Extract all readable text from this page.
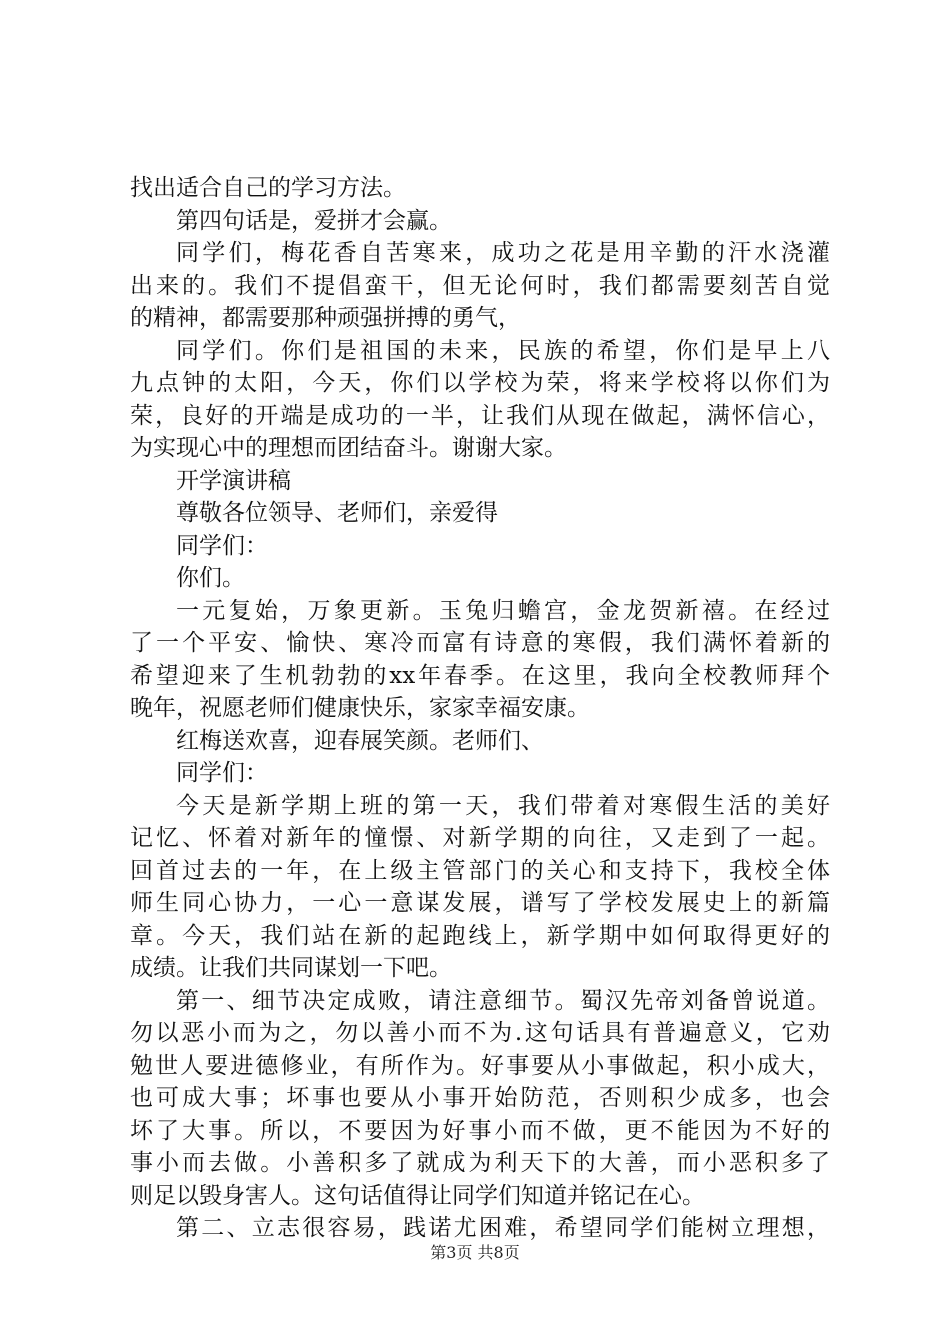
找出适合自己的学习方法。
第四句话是，爱拼才会赢。
同学们，梅花香自苦寒来，成功之花是用辛勤的汗水浇灌
出来的。我们不提倡蛮干，但无论何时，我们都需要刻苦自觉
的精神，都需要那种顽强拼搏的勇气，
同学们。你们是祖国的未来，民族的希望，你们是早上八
九点钟的太阳，今天，你们以学校为荣，将来学校将以你们为
荣，良好的开端是成功的一半，让我们从现在做起，满怀信心，
为实现心中的理想而团结奋斗。谢谢大家。
开学演讲稿
尊敬各位领导、老师们，亲爱得
同学们：
你们。
一元复始，万象更新。玉兔归蟾宫，金龙贺新禧。在经过
了一个平安、愉快、寒冷而富有诗意的寒假，我们满怀着新的
希望迎来了生机勃勃的xx年春季。在这里，我向全校教师拜个
晚年，祝愿老师们健康快乐，家家幸福安康。
红梅送欢喜，迎春展笑颜。老师们、
同学们：
今天是新学期上班的第一天，我们带着对寒假生活的美好
记忆、怀着对新年的憧憬、对新学期的向往，又走到了一起。
回首过去的一年，在上级主管部门的关心和支持下，我校全体
师生同心协力，一心一意谋发展，谱写了学校发展史上的新篇
章。今天，我们站在新的起跑线上，新学期中如何取得更好的
成绩。让我们共同谋划一下吧。
第一、细节决定成败，请注意细节。蜀汉先帝刘备曾说道。
勿以恶小而为之，勿以善小而不为.这句话具有普遍意义，它劝
勉世人要进德修业，有所作为。好事要从小事做起，积小成大，
也可成大事；坏事也要从小事开始防范，否则积少成多，也会
坏了大事。所以，不要因为好事小而不做，更不能因为不好的
事小而去做。小善积多了就成为利天下的大善，而小恶积多了
则足以毁身害人。这句话值得让同学们知道并铭记在心。
第二、立志很容易，践诺尤困难，希望同学们能树立理想，
第3页 共8页
